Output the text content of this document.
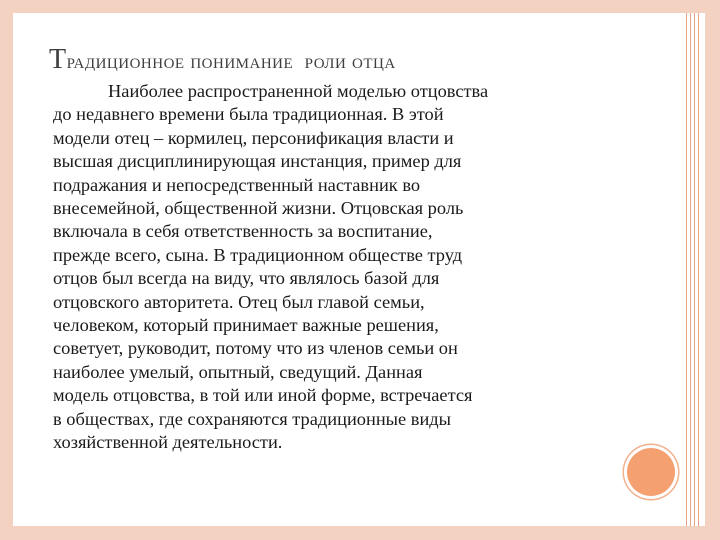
Традиционное понимание  роли отца

Наиболее распространенной моделью отцовства
до недавнего времени была традиционная. В этой
модели отец – кормилец, персонификация власти и
высшая дисциплинирующая инстанция, пример для
подражания и непосредственный наставник во
внесемейной, общественной жизни. Отцовская роль
включала в себя ответственность за воспитание,
прежде всего, сына. В традиционном обществе труд
отцов был всегда на виду, что являлось базой для
отцовского авторитета. Отец был главой семьи,
человеком, который принимает важные решения,
советует, руководит, потому что из членов семьи он
наиболее умелый, опытный, сведущий. Данная
модель отцовства, в той или иной форме, встречается
в обществах, где сохраняются традиционные виды
хозяйственной деятельности.
